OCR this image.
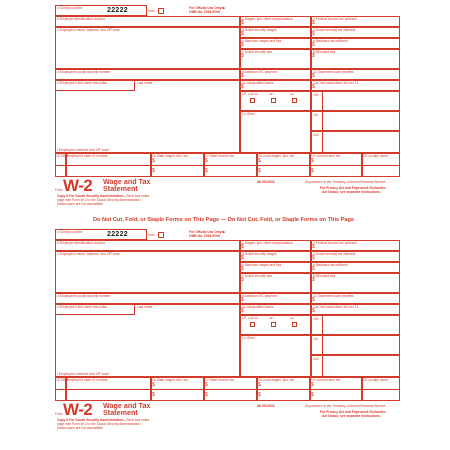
a Control number	22222	Void
For Official Use Only ▶
OMB No. 1545-0008
b Employer identification number
c Employer's name, address, and ZIP code
d Employee's social security number
e Employee's first name and initial	Last name
f Employee's address and ZIP code
1 Wages, tips, other compensation
$
2 Federal income tax withheld
$
3 Social security wages
$
4 Social security tax withheld
$
5 Medicare wages and tips
$
6 Medicare tax withheld
$
7 Social security tips
$
8 Allocated tips
$
9 Advance EIC payment
$
10 Dependent care benefits
$
11 Nonqualified plans
$
12a See instructions for box 12
$
13
Statutory employee
Retirement plan
Third-party sick pay
14 Other
12b
12c
12d
15 State
Employer's state ID number	16 State wages, tips, etc.
$
$
17 State income tax
$
$
18 Local wages, tips, etc.
$
$
19 Local income tax
$
$
20 Locality name
Form W-2 Wage and Tax
Statement
96-0512633	Department of the Treasury—Internal Revenue Service
For Privacy Act and Paperwork Reduction
Act Notice, see separate instructions.
Copy A For Social Security Administration—Send this entire
page with Form W-3 to the Social Security Administration;
photocopies are not acceptable.
Do Not Cut, Fold, or Staple Forms on This Page — Do Not Cut, Fold, or Staple Forms on This Page
a Control number	22222	Void
For Official Use Only ▶
OMB No. 1545-0008
b Employer identification number
c Employer's name, address, and ZIP code
d Employee's social security number
e Employee's first name and initial	Last name
f Employee's address and ZIP code
1 Wages, tips, other compensation
$
2 Federal income tax withheld
$
3 Social security wages
$
4 Social security tax withheld
$
5 Medicare wages and tips
$
6 Medicare tax withheld
$
7 Social security tips
$
8 Allocated tips
$
9 Advance EIC payment
$
10 Dependent care benefits
$
11 Nonqualified plans
$
12a See instructions for box 12
$
13
Statutory employee
Retirement plan
Third-party sick pay
14 Other
12b
12c
12d
15 State
Employer's state ID number	16 State wages, tips, etc.
$
$
17 State income tax
$
$
18 Local wages, tips, etc.
$
$
19 Local income tax
$
$
20 Locality name
Form W-2 Wage and Tax
Statement
96-0512633	Department of the Treasury—Internal Revenue Service
For Privacy Act and Paperwork Reduction
Act Notice, see separate instructions.
Copy A For Social Security Administration—Send this entire
page with Form W-3 to the Social Security Administration;
photocopies are not acceptable.
